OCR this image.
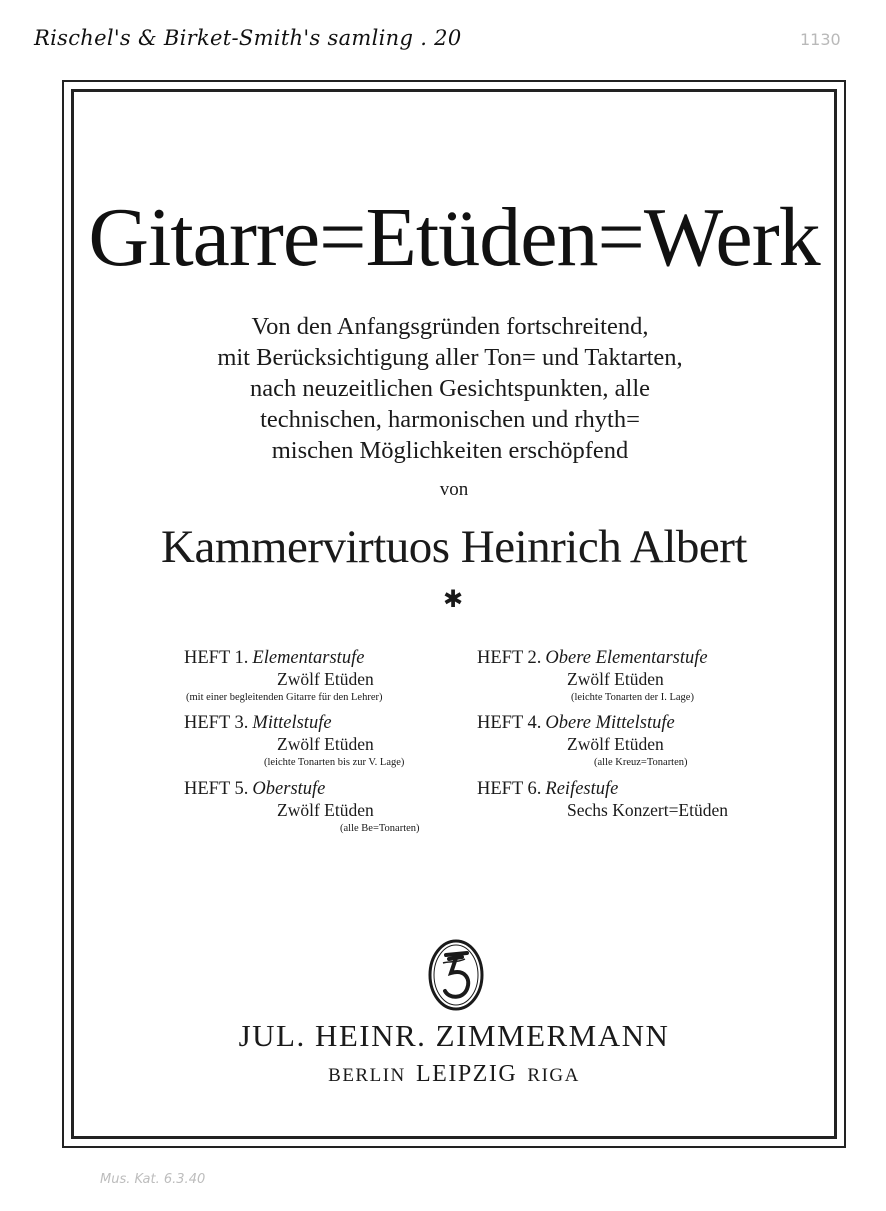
Rischel's & Birket-Smith's samling . 20	1130
Gitarre=Etüden=Werk
Von den Anfangsgründen fortschreitend,
mit Berücksichtigung aller Ton= und Taktarten,
nach neuzeitlichen Gesichtspunkten, alle
technischen, harmonischen und rhyth=
mischen Möglichkeiten erschöpfend
von
Kammervirtuos Heinrich Albert
✱
HEFT 1. Elementarstufe
Zwölf Etüden
(mit einer begleitenden Gitarre für den Lehrer)
HEFT 2. Obere Elementarstufe
Zwölf Etüden
(leichte Tonarten der I. Lage)
HEFT 3. Mittelstufe
Zwölf Etüden
(leichte Tonarten bis zur V. Lage)
HEFT 4. Obere Mittelstufe
Zwölf Etüden
(alle Kreuz=Tonarten)
HEFT 5. Oberstufe
Zwölf Etüden
(alle Be=Tonarten)
HEFT 6. Reifestufe
Sechs Konzert=Etüden
JUL. HEINR. ZIMMERMANN
BERLIN LEIPZIG RIGA
Mus. Kat. 6.3.40
